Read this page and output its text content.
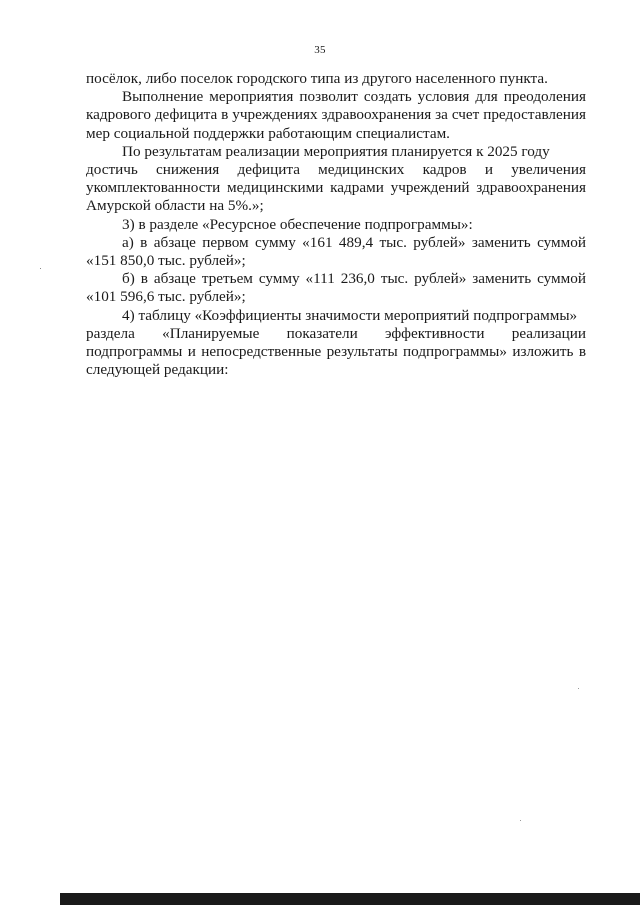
35

посёлок, либо поселок городского типа из другого населенного пункта.

Выполнение мероприятия позволит создать условия для преодоления кадрового дефицита в учреждениях здравоохранения за счет предоставления мер социальной поддержки работающим специалистам.

По результатам реализации мероприятия планируется к 2025 году

достичь снижения дефицита медицинских кадров и увеличения

укомплектованности медицинскими кадрами учреждений здравоохранения Амурской области на 5%.»;

3) в разделе «Ресурсное обеспечение подпрограммы»:

а) в абзаце первом сумму «161 489,4 тыс. рублей» заменить суммой «151 850,0 тыс. рублей»;

б) в абзаце третьем сумму «111 236,0 тыс. рублей» заменить суммой «101 596,6 тыс. рублей»;

4) таблицу «Коэффициенты значимости мероприятий подпрограммы»

раздела «Планируемые показатели эффективности реализации

подпрограммы и непосредственные результаты подпрограммы» изложить в следующей редакции:
